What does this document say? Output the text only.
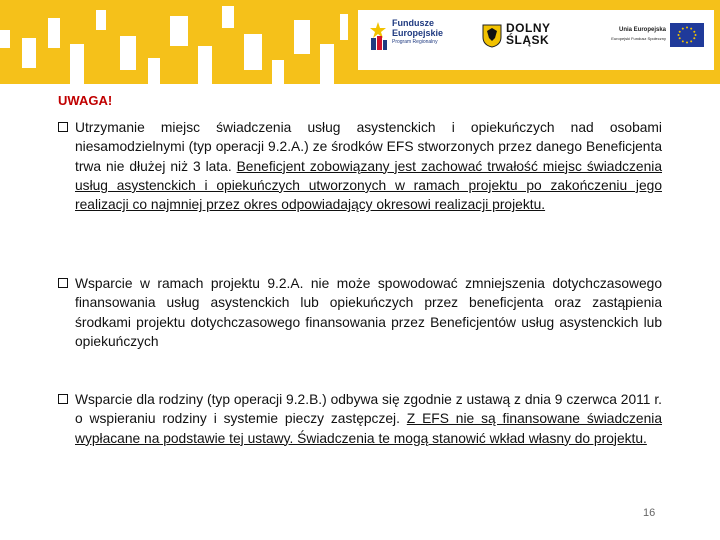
Fundusze
Europejskie
Program Regionalny
DOLNY
ŚLĄSK
Unia Europejska
Europejski Fundusz Społeczny
UWAGA!
Utrzymanie miejsc świadczenia usług asystenckich i opiekuńczych nad osobami niesamodzielnymi (typ operacji 9.2.A.) ze środków EFS stworzonych przez danego Beneficjenta trwa nie dłużej niż 3 lata. Beneficjent zobowiązany jest zachować trwałość miejsc świadczenia usług asystenckich i opiekuńczych utworzonych w ramach projektu po zakończeniu jego realizacji co najmniej przez okres odpowiadający okresowi realizacji projektu.
Wsparcie w ramach projektu 9.2.A. nie może spowodować zmniejszenia dotychczasowego finansowania usług asystenckich lub opiekuńczych przez beneficjenta oraz zastąpienia środkami projektu dotychczasowego finansowania przez Beneficjentów usług asystenckich lub opiekuńczych
Wsparcie dla rodziny (typ operacji 9.2.B.) odbywa się zgodnie z ustawą z dnia 9 czerwca 2011 r. o wspieraniu rodziny i systemie pieczy zastępczej. Z EFS nie są finansowane świadczenia wypłacane na podstawie tej ustawy. Świadczenia te mogą stanowić wkład własny do projektu.
16
